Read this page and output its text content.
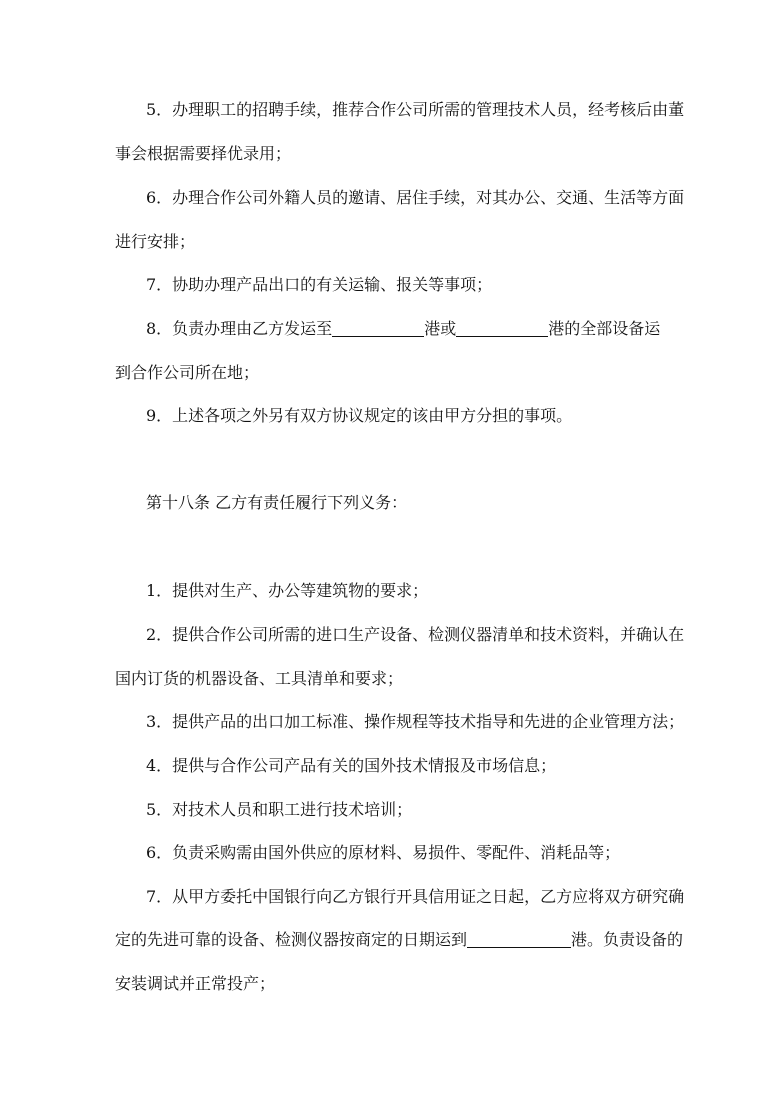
5．办理职工的招聘手续，推荐合作公司所需的管理技术人员，经考核后由董
事会根据需要择优录用；
6．办理合作公司外籍人员的邀请、居住手续，对其办公、交通、生活等方面
进行安排；
7．协助办理产品出口的有关运输、报关等事项；
8．负责办理由乙方发运至	港或	港的全部设备运
到合作公司所在地；
9．上述各项之外另有双方协议规定的该由甲方分担的事项。
第十八条 乙方有责任履行下列义务：
1．提供对生产、办公等建筑物的要求；
2．提供合作公司所需的进口生产设备、检测仪器清单和技术资料，并确认在
国内订货的机器设备、工具清单和要求；
3．提供产品的出口加工标准、操作规程等技术指导和先进的企业管理方法；
4．提供与合作公司产品有关的国外技术情报及市场信息；
5．对技术人员和职工进行技术培训；
6．负责采购需由国外供应的原材料、易损件、零配件、消耗品等；
7．从甲方委托中国银行向乙方银行开具信用证之日起，乙方应将双方研究确
定的先进可靠的设备、检测仪器按商定的日期运到	港。负责设备的
安装调试并正常投产；
